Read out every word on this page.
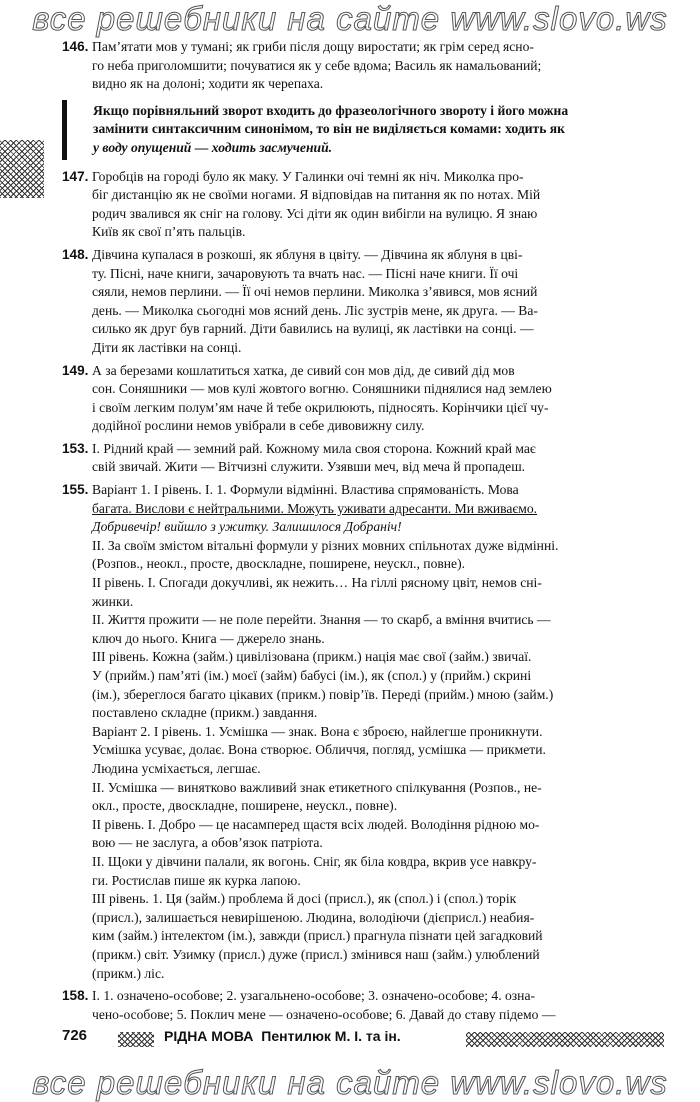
все решебники на сайте www.slovo.ws
146. Пам’ятати мов у тумані; як гриби після дощу виростати; як грім серед ясно-
го неба приголомшити; почуватися як у себе вдома; Василь як намальований;
видно як на долоні; ходити як черепаха.
Якщо порівняльний зворот входить до фразеологічного звороту і його можна
замінити синтаксичним синонімом, то він не виділяється комами: ходить як
у воду опущений — ходить засмучений.
147. Горобців на городі було як маку. У Галинки очі темні як ніч. Миколка про-
біг дистанцію як не своїми ногами. Я відповідав на питання як по нотах. Мій
родич звалився як сніг на голову. Усі діти як один вибігли на вулицю. Я знаю
Київ як свої п’ять пальців.
148. Дівчина купалася в розкоші, як яблуня в цвіту. — Дівчина як яблуня в цві-
ту. Пісні, наче книги, зачаровують та вчать нас. — Пісні наче книги. Її очі
сяяли, немов перлини. — Її очі немов перлини. Миколка з’явився, мов ясний
день. — Миколка сьогодні мов ясний день. Ліс зустрів мене, як друга. — Ва-
силько як друг був гарний. Діти бавились на вулиці, як ластівки на сонці. —
Діти як ластівки на сонці.
149. А за березами кошлатиться хатка, де сивий сон мов дід, де сивий дід мов
сон. Соняшники — мов кулі жовтого вогню. Соняшники піднялися над землею
і своїм легким полум’ям наче й тебе окрилюють, підносять. Корінчики цієї чу-
додійної рослини немов увібрали в себе дивовижну силу.
153. І. Рідний край — земний рай. Кожному мила своя сторона. Кожний край має
свій звичай. Жити — Вітчизні служити. Узявши меч, від меча й пропадеш.
155. Варіант 1. І рівень. І. 1. Формули відмінні. Властива спрямованість. Мова
багата. Вислови є нейтральними. Можуть уживати адресанти. Ми вживаємо.
Добривечір! вийшло з ужитку. Залишилося Добраніч!
ІІ. За своїм змістом вітальні формули у різних мовних спільнотах дуже відмінні.
(Розпов., неокл., просте, двоскладне, поширене, неускл., повне).
ІІ рівень. І. Спогади докучливі, як нежить… На гіллі рясному цвіт, немов сні-
жинки.
ІІ. Життя прожити — не поле перейти. Знання — то скарб, а вміння вчитись —
ключ до нього. Книга — джерело знань.
ІІІ рівень. Кожна (займ.) цивілізована (прикм.) нація має свої (займ.) звичаї.
У (прийм.) пам’яті (ім.) моєї (займ) бабусі (ім.), як (спол.) у (прийм.) скрині
(ім.), збереглося багато цікавих (прикм.) повір’їв. Переді (прийм.) мною (займ.)
поставлено складне (прикм.) завдання.
Варіант 2. І рівень. 1. Усмішка — знак. Вона є зброєю, найлегше проникнути.
Усмішка усуває, долає. Вона створює. Обличчя, погляд, усмішка — прикмети.
Людина усміхається, легшає.
ІІ. Усмішка — винятково важливий знак етикетного спілкування (Розпов., не-
окл., просте, двоскладне, поширене, неускл., повне).
ІІ рівень. І. Добро — це насамперед щастя всіх людей. Володіння рідною мо-
вою — не заслуга, а обов’язок патріота.
ІІ. Щоки у дівчини палали, як вогонь. Сніг, як біла ковдра, вкрив усе навкру-
ги. Ростислав пише як курка лапою.
ІІІ рівень. 1. Ця (займ.) проблема й досі (присл.), як (спол.) і (спол.) торік
(присл.), залишається невирішеною. Людина, володіючи (дієприсл.) неабия-
ким (займ.) інтелектом (ім.), завжди (присл.) прагнула пізнати цей загадковий
(прикм.) світ. Узимку (присл.) дуже (присл.) змінився наш (займ.) улюблений
(прикм.) ліс.
158. І. 1. означено-особове; 2. узагальнено-особове; 3. означено-особове; 4. озна-
чено-особове; 5. Поклич мене — означено-особове; 6. Давай до ставу підемо —
726	РІДНА МОВА Пентилюк М. І. та ін.
все решебники на сайте www.slovo.ws
